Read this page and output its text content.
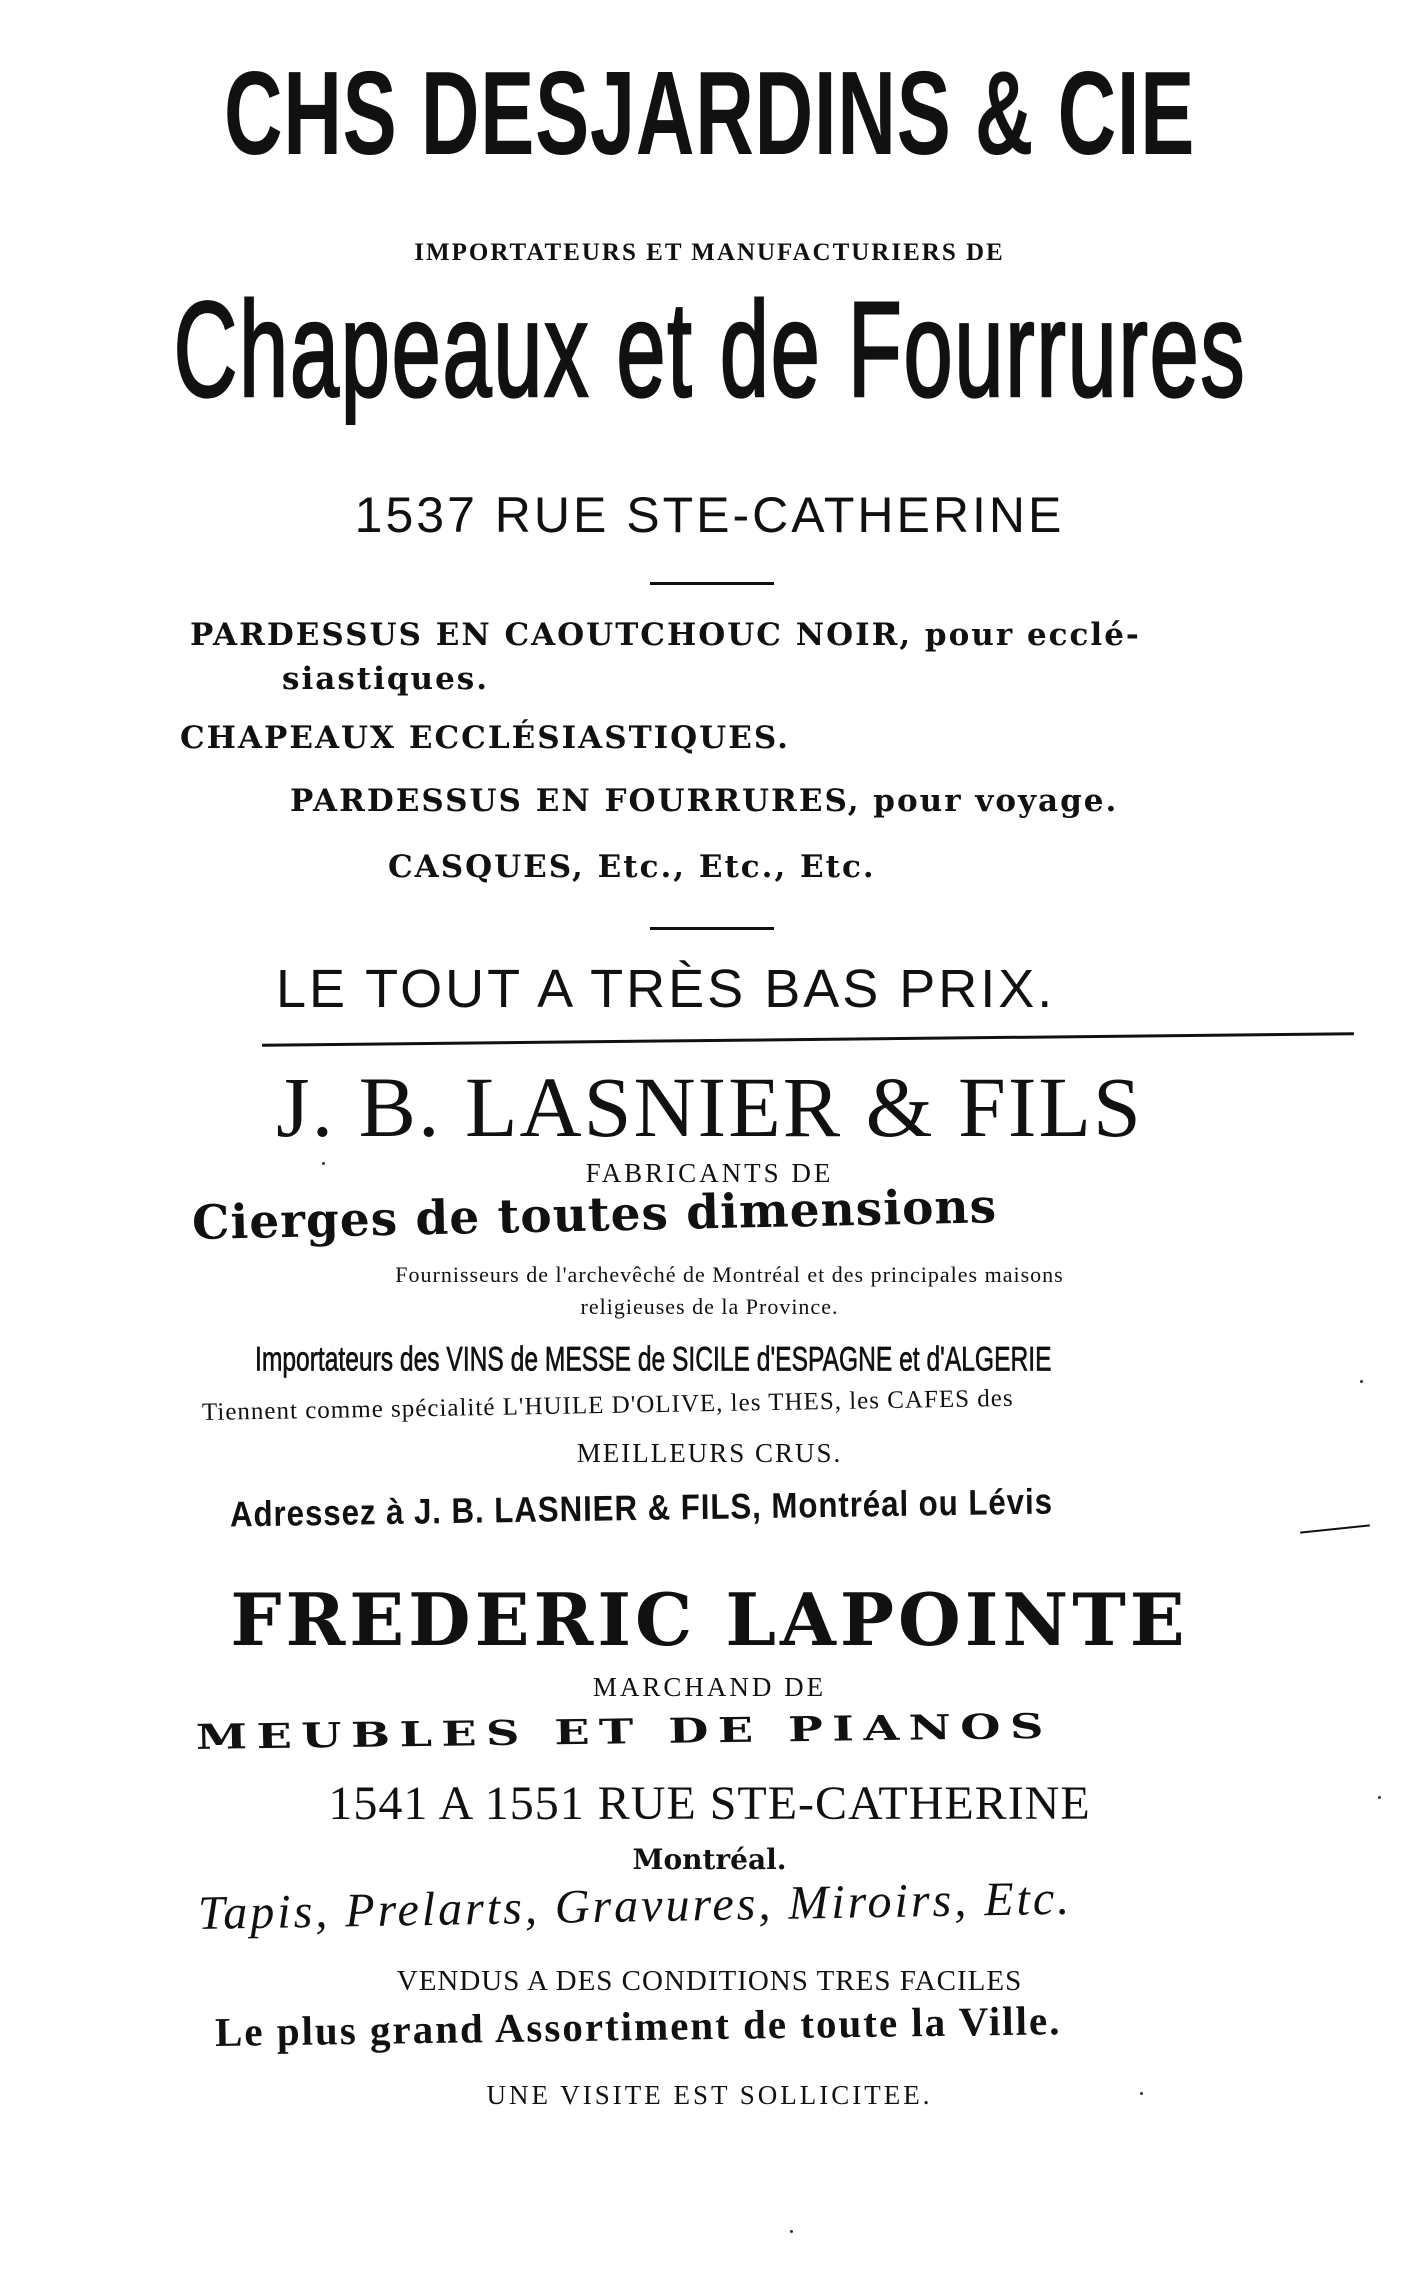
CHS DESJARDINS & CIE
IMPORTATEURS ET MANUFACTURIERS DE
Chapeaux et de Fourrures
1537 RUE STE-CATHERINE
PARDESSUS EN CAOUTCHOUC NOIR, pour ecclé-
siastiques.
CHAPEAUX ECCLÉSIASTIQUES.
PARDESSUS EN FOURRURES, pour voyage.
CASQUES, Etc., Etc., Etc.
LE TOUT A TRÈS BAS PRIX.
J. B. LASNIER & FILS
FABRICANTS DE
Cierges de toutes dimensions
Fournisseurs de l'archevêché de Montréal et des principales maisons
religieuses de la Province.
Importateurs des VINS de MESSE de SICILE d'ESPAGNE et d'ALGERIE
Tiennent comme spécialité L'HUILE D'OLIVE, les THES, les CAFES des
MEILLEURS CRUS.
Adressez à J. B. LASNIER & FILS, Montréal ou Lévis
FREDERIC LAPOINTE
MARCHAND DE
MEUBLES ET DE PIANOS
1541 A 1551 RUE STE-CATHERINE
Montréal.
Tapis, Prelarts, Gravures, Miroirs, Etc.
VENDUS A DES CONDITIONS TRES FACILES
Le plus grand Assortiment de toute la Ville.
UNE VISITE EST SOLLICITEE.
